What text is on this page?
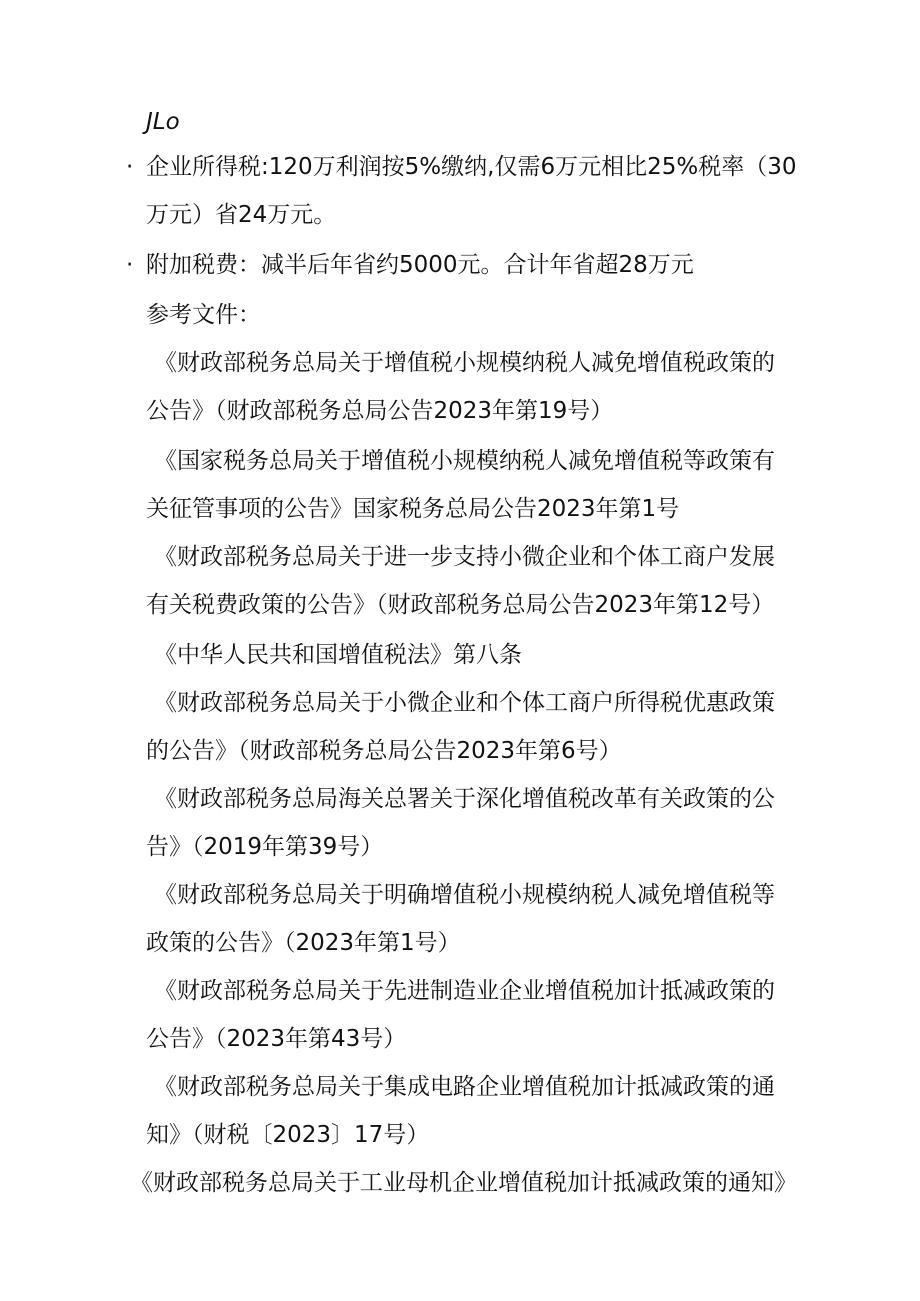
JLo
· 企业所得税:120万利润按5%缴纳,仅需6万元相比25%税率（30
万元）省24万元。
· 附加税费：减半后年省约5000元。合计年省超28万元
参考文件：
《财政部税务总局关于增值税小规模纳税人减免增值税政策的
公告》（财政部税务总局公告2023年第19号）
《国家税务总局关于增值税小规模纳税人减免增值税等政策有
关征管事项的公告》国家税务总局公告2023年第1号
《财政部税务总局关于进一步支持小微企业和个体工商户发展
有关税费政策的公告》（财政部税务总局公告2023年第12号）
《中华人民共和国增值税法》第八条
《财政部税务总局关于小微企业和个体工商户所得税优惠政策
的公告》（财政部税务总局公告2023年第6号）
《财政部税务总局海关总署关于深化增值税改革有关政策的公
告》（2019年第39号）
《财政部税务总局关于明确增值税小规模纳税人减免增值税等
政策的公告》（2023年第1号）
《财政部税务总局关于先进制造业企业增值税加计抵减政策的
公告》（2023年第43号）
《财政部税务总局关于集成电路企业增值税加计抵减政策的通
知》（财税〔2023〕17号）
《财政部税务总局关于工业母机企业增值税加计抵减政策的通知》
